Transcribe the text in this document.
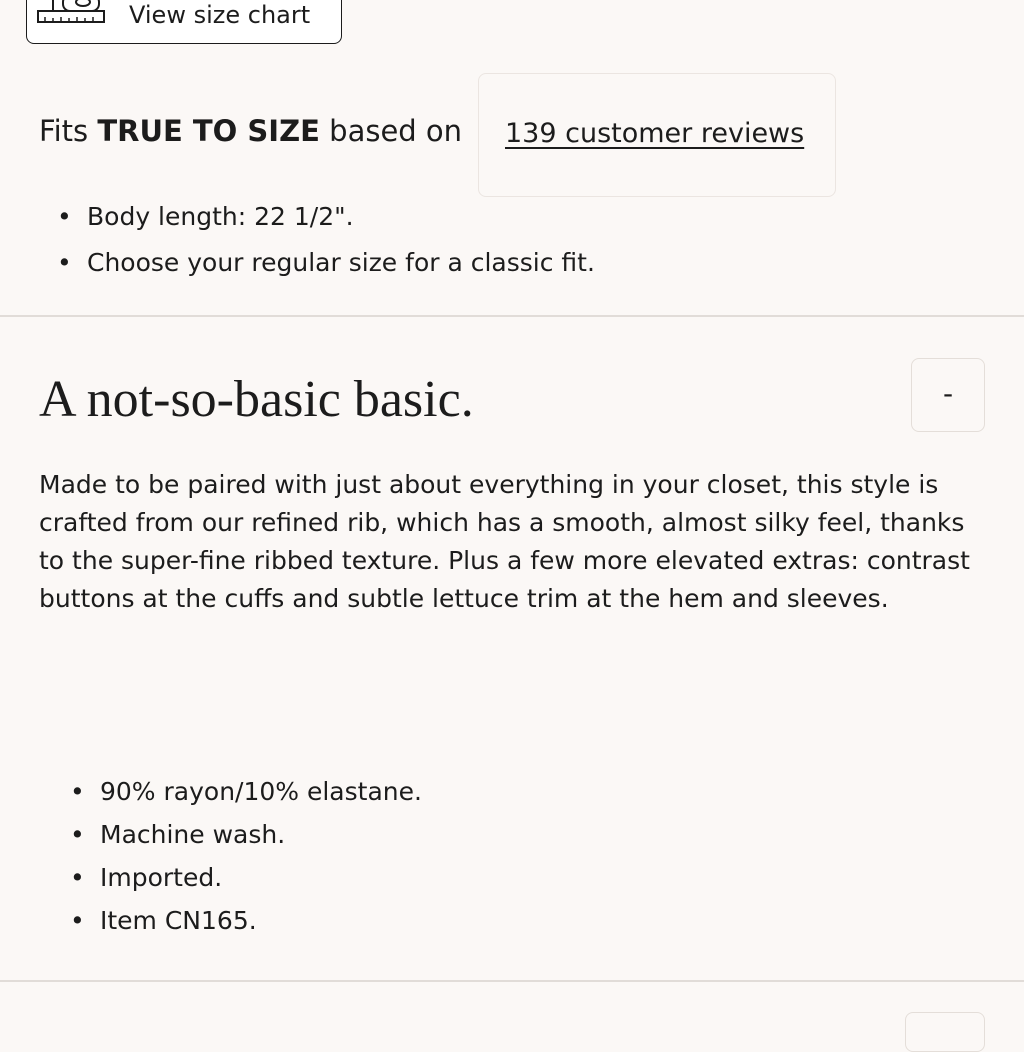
View size chart
Fits TRUE TO SIZE based on 139 customer reviews
• Body length: 22 1/2".
• Choose your regular size for a classic fit.
A not-so-basic basic.	-

Made to be paired with just about everything in your closet, this style is crafted from our refined rib, which has a smooth, almost silky feel, thanks to the super-fine ribbed texture. Plus a few more elevated extras: contrast buttons at the cuffs and subtle lettuce trim at the hem and sleeves.

• 90% rayon/10% elastane.
• Machine wash.
• Imported.
• Item CN165.
